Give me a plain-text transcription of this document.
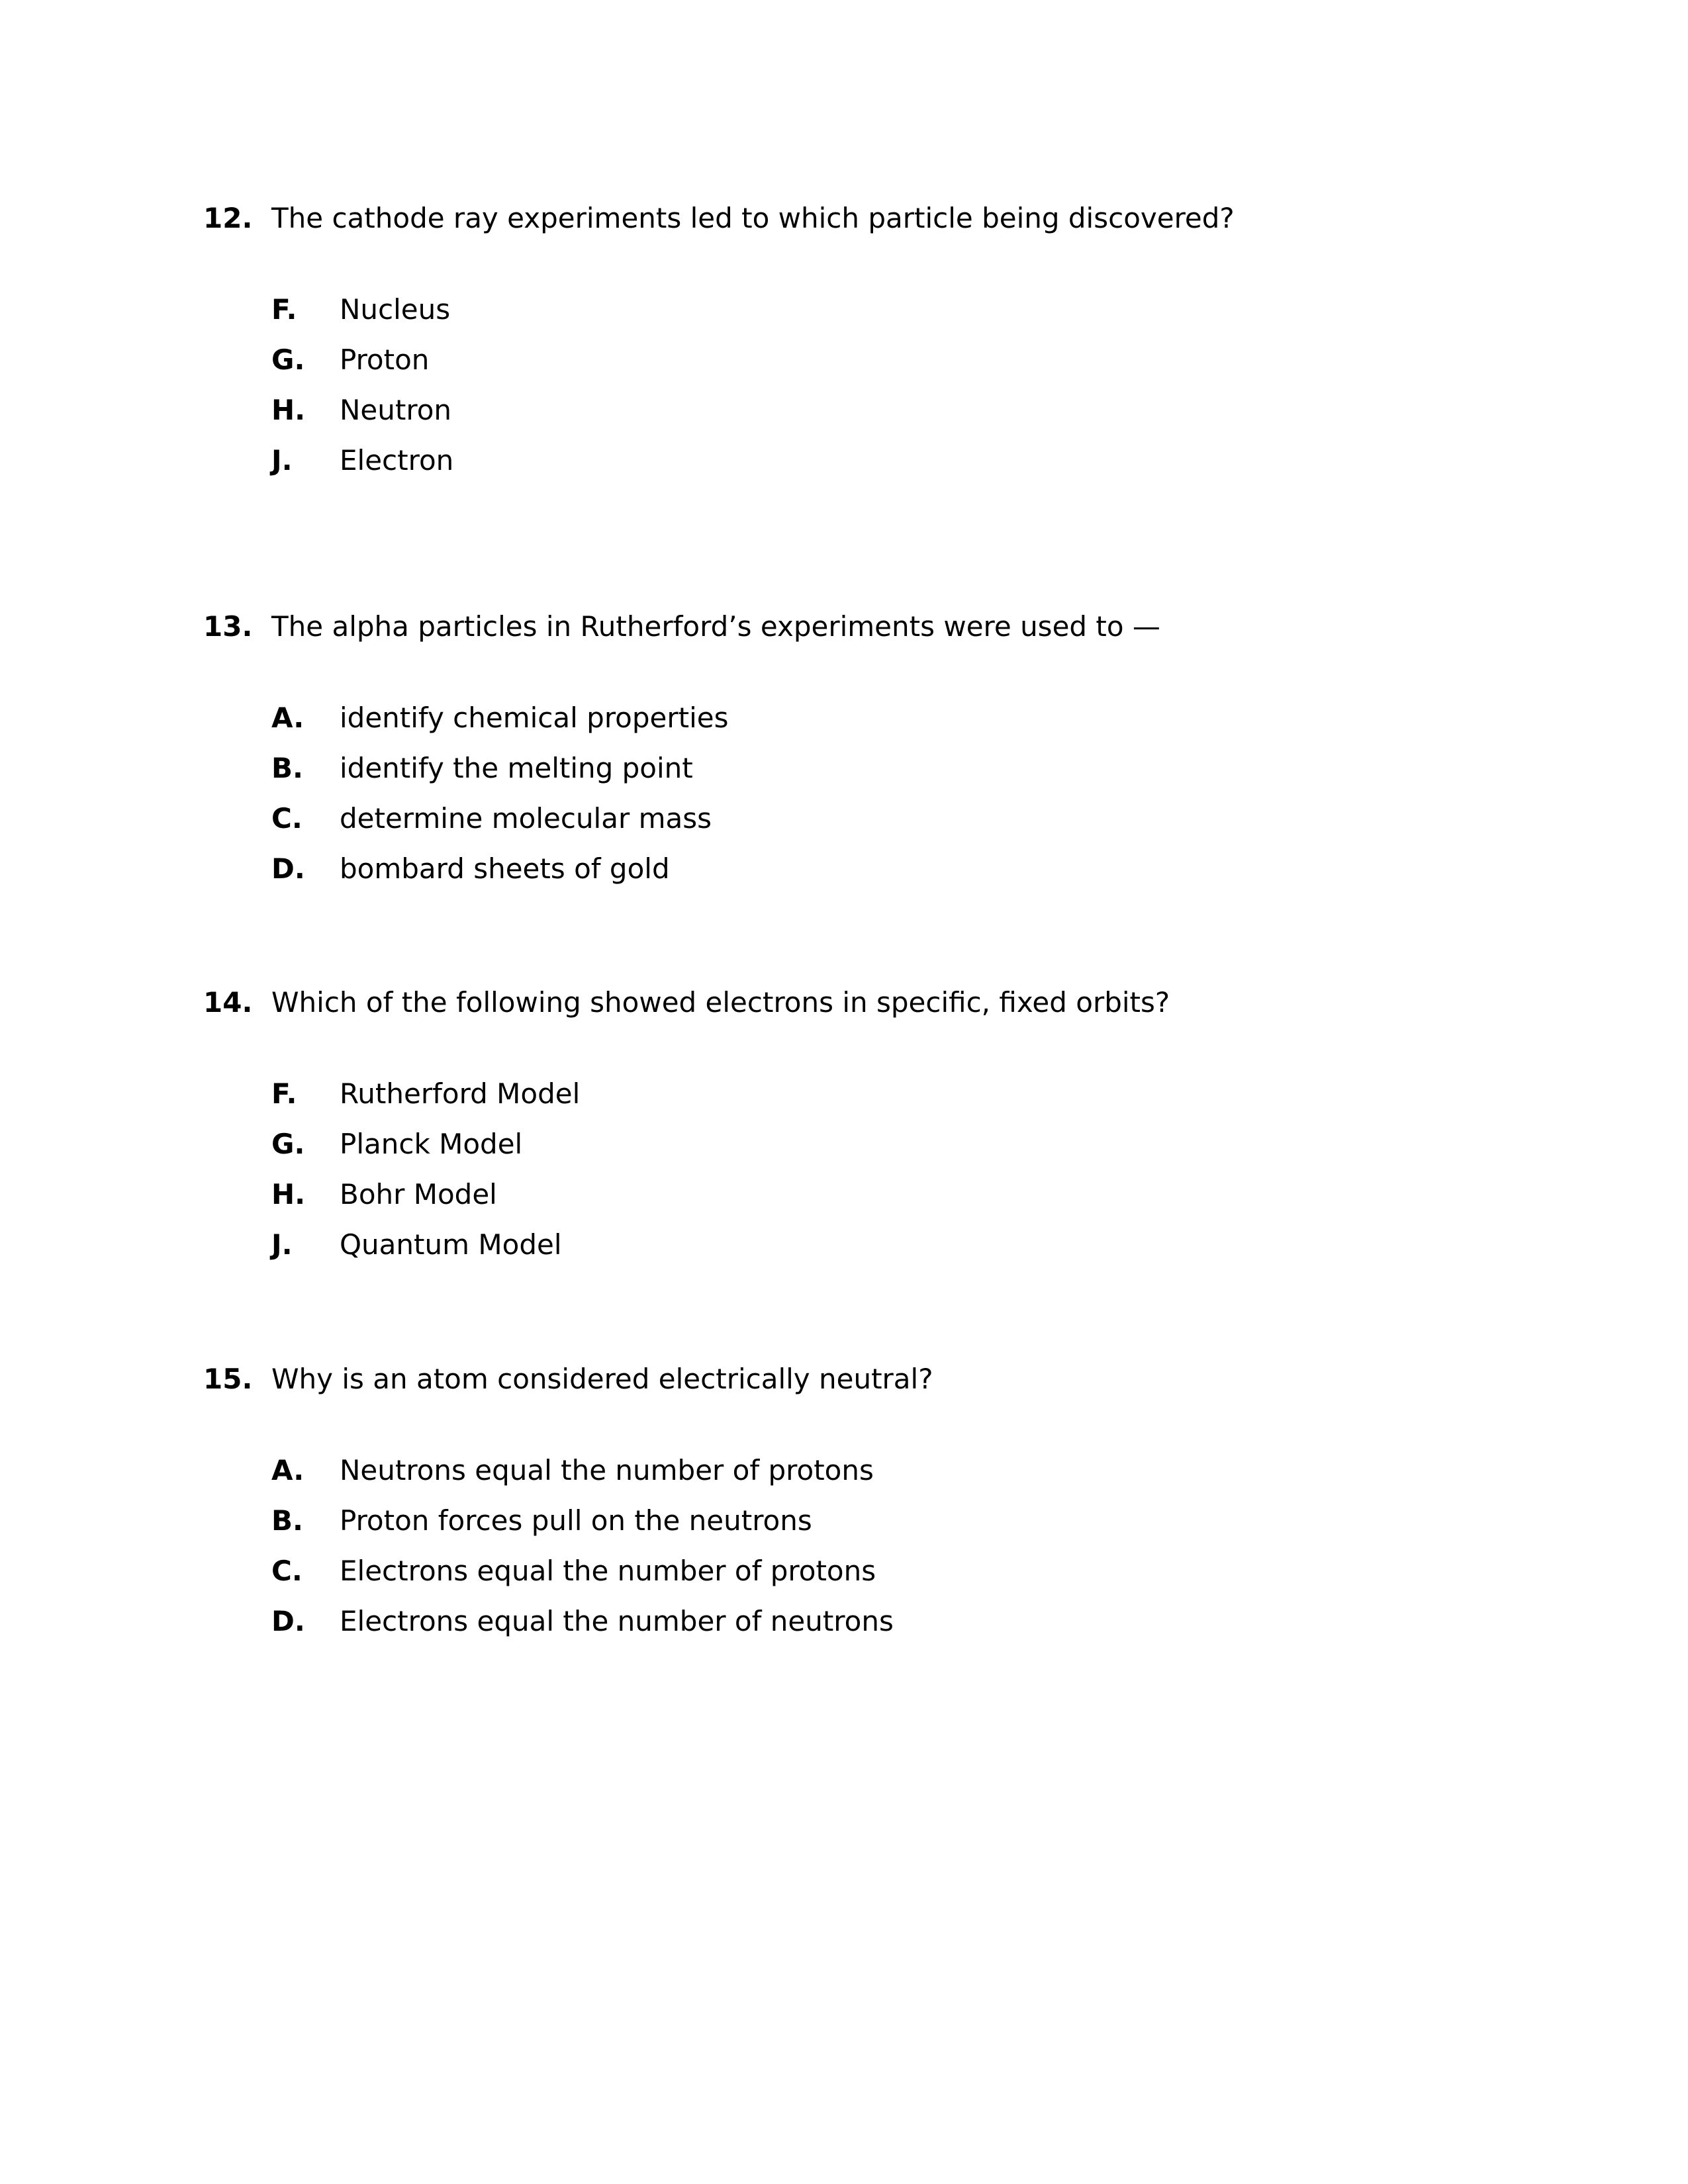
12. The cathode ray experiments led to which particle being discovered?
F. Nucleus
G. Proton
H. Neutron
J. Electron
13. The alpha particles in Rutherford’s experiments were used to —
A. identify chemical properties
B. identify the melting point
C. determine molecular mass
D. bombard sheets of gold
14. Which of the following showed electrons in specific, fixed orbits?
F. Rutherford Model
G. Planck Model
H. Bohr Model
J. Quantum Model
15. Why is an atom considered electrically neutral?
A. Neutrons equal the number of protons
B. Proton forces pull on the neutrons
C. Electrons equal the number of protons
D. Electrons equal the number of neutrons
